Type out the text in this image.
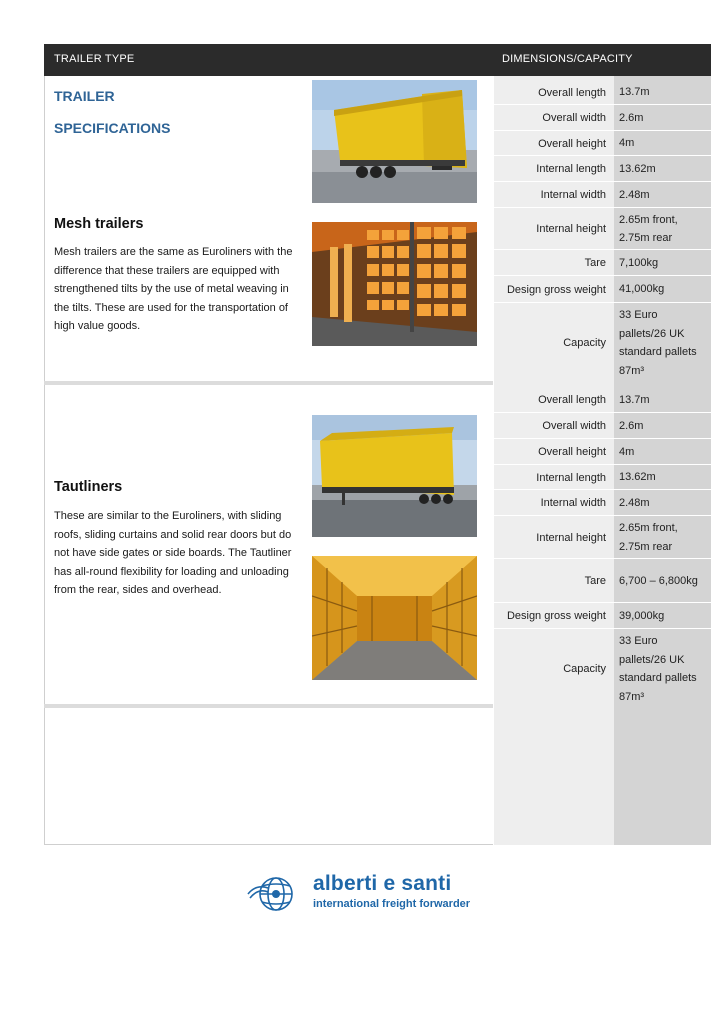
TRAILER TYPE	DIMENSIONS/CAPACITY
TRAILER
SPECIFICATIONS
Mesh trailers
Mesh trailers are the same as Euroliners with the difference that these trailers are equipped with strengthened tilts by the use of metal weaving in the tilts. These are used for the transportation of high value goods.
Tautliners
These are similar to the Euroliners, with sliding roofs, sliding curtains and solid rear doors but do not have side gates or side boards. The Tautliner has all-round flexibility for loading and unloading from the rear, sides and overhead.
Overall length 13.7m
Overall width 2.6m
Overall height 4m
Internal length 13.62m
Internal width 2.48m
Internal height
2.65m front, 2.75m rear
Tare 7,100kg
Design gross weight 41,000kg
Capacity
33 Euro pallets/26 UK standard pallets 87m³
Overall length 13.7m
Overall width 2.6m
Overall height 4m
Internal length 13.62m
Internal width 2.48m
Internal height
2.65m front, 2.75m rear
Tare 6,700 – 6,800kg
Design gross weight 39,000kg
Capacity
33 Euro pallets/26 UK standard pallets 87m³
alberti e santi
international freight forwarder
